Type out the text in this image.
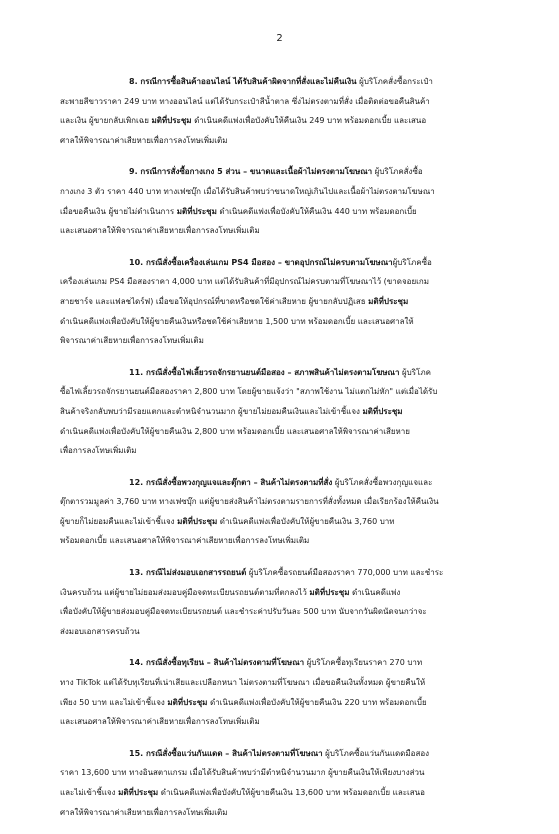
2
8. กรณีการซื้อสินค้าออนไลน์ ได้รับสินค้าผิดจากที่สั่งและไม่คืนเงิน ผู้บริโภคสั่งซื้อกระเป๋า
สะพายสีขาวราคา 249 บาท ทางออนไลน์ แต่ได้รับกระเป๋าสีน้ำตาล ซึ่งไม่ตรงตามที่สั่ง เมื่อติดต่อขอคืนสินค้า
และเงิน ผู้ขายกลับเพิกเฉย มติที่ประชุม ดำเนินคดีแพ่งเพื่อบังคับให้คืนเงิน 249 บาท พร้อมดอกเบี้ย และเสนอ
ศาลให้พิจารณาค่าเสียหายเพื่อการลงโทษเพิ่มเติม
9. กรณีการสั่งซื้อกางเกง 5 ส่วน – ขนาดและเนื้อผ้าไม่ตรงตามโฆษณา ผู้บริโภคสั่งซื้อ
กางเกง 3 ตัว ราคา 440 บาท ทางเฟซบุ๊ก เมื่อได้รับสินค้าพบว่าขนาดใหญ่เกินไปและเนื้อผ้าไม่ตรงตามโฆษณา
เมื่อขอคืนเงิน ผู้ขายไม่ดำเนินการ มติที่ประชุม ดำเนินคดีแพ่งเพื่อบังคับให้คืนเงิน 440 บาท พร้อมดอกเบี้ย
และเสนอศาลให้พิจารณาค่าเสียหายเพื่อการลงโทษเพิ่มเติม
10. กรณีสั่งซื้อเครื่องเล่นเกม PS4 มือสอง – ขาดอุปกรณ์ไม่ครบตามโฆษณาผู้บริโภคซื้อ
เครื่องเล่นเกม PS4 มือสองราคา 4,000 บาท แต่ได้รับสินค้าที่มีอุปกรณ์ไม่ครบตามที่โฆษณาไว้ (ขาดจอยเกม
สายชาร์จ และแฟลชไดร์ฟ) เมื่อขอให้อุปกรณ์ที่ขาดหรือชดใช้ค่าเสียหาย ผู้ขายกลับปฏิเสธ มติที่ประชุม
ดำเนินคดีแพ่งเพื่อบังคับให้ผู้ขายคืนเงินหรือชดใช้ค่าเสียหาย 1,500 บาท พร้อมดอกเบี้ย และเสนอศาลให้
พิจารณาค่าเสียหายเพื่อการลงโทษเพิ่มเติม
11. กรณีสั่งซื้อไฟเลี้ยวรถจักรยานยนต์มือสอง – สภาพสินค้าไม่ตรงตามโฆษณา ผู้บริโภค
ซื้อไฟเลี้ยวรถจักรยานยนต์มือสองราคา 2,800 บาท โดยผู้ขายแจ้งว่า "สภาพใช้งาน ไม่แตกไม่หัก" แต่เมื่อได้รับ
สินค้าจริงกลับพบว่ามีรอยแตกและตำหนิจำนวนมาก ผู้ขายไม่ยอมคืนเงินและไม่เข้าชี้แจง มติที่ประชุม
ดำเนินคดีแพ่งเพื่อบังคับให้ผู้ขายคืนเงิน 2,800 บาท พร้อมดอกเบี้ย และเสนอศาลให้พิจารณาค่าเสียหาย
เพื่อการลงโทษเพิ่มเติม
12. กรณีสั่งซื้อพวงกุญแจและตุ๊กตา – สินค้าไม่ตรงตามที่สั่ง ผู้บริโภคสั่งซื้อพวงกุญแจและ
ตุ๊กตารวมมูลค่า 3,760 บาท ทางเฟซบุ๊ก แต่ผู้ขายส่งสินค้าไม่ตรงตามรายการที่สั่งทั้งหมด เมื่อเรียกร้องให้คืนเงิน
ผู้ขายก็ไม่ยอมคืนและไม่เข้าชี้แจง มติที่ประชุม ดำเนินคดีแพ่งเพื่อบังคับให้ผู้ขายคืนเงิน 3,760 บาท
พร้อมดอกเบี้ย และเสนอศาลให้พิจารณาค่าเสียหายเพื่อการลงโทษเพิ่มเติม
13. กรณีไม่ส่งมอบเอกสารรถยนต์ ผู้บริโภคซื้อรถยนต์มือสองราคา 770,000 บาท และชำระ
เงินครบถ้วน แต่ผู้ขายไม่ยอมส่งมอบคู่มือจดทะเบียนรถยนต์ตามที่ตกลงไว้ มติที่ประชุม ดำเนินคดีแพ่ง
เพื่อบังคับให้ผู้ขายส่งมอบคู่มือจดทะเบียนรถยนต์ และชำระค่าปรับวันละ 500 บาท นับจากวันผิดนัดจนกว่าจะ
ส่งมอบเอกสารครบถ้วน
14. กรณีสั่งซื้อทุเรียน – สินค้าไม่ตรงตามที่โฆษณา ผู้บริโภคซื้อทุเรียนราคา 270 บาท
ทาง TikTok แต่ได้รับทุเรียนที่เน่าเสียและเปลือกหนา ไม่ตรงตามที่โฆษณา เมื่อขอคืนเงินทั้งหมด ผู้ขายคืนให้
เพียง 50 บาท และไม่เข้าชี้แจง มติที่ประชุม ดำเนินคดีแพ่งเพื่อบังคับให้ผู้ขายคืนเงิน 220 บาท พร้อมดอกเบี้ย
และเสนอศาลให้พิจารณาค่าเสียหายเพื่อการลงโทษเพิ่มเติม
15. กรณีสั่งซื้อแว่นกันแดด – สินค้าไม่ตรงตามที่โฆษณา ผู้บริโภคซื้อแว่นกันแดดมือสอง
ราคา 13,600 บาท ทางอินสตาแกรม เมื่อได้รับสินค้าพบว่ามีตำหนิจำนวนมาก ผู้ขายคืนเงินให้เพียงบางส่วน
และไม่เข้าชี้แจง มติที่ประชุม ดำเนินคดีแพ่งเพื่อบังคับให้ผู้ขายคืนเงิน 13,600 บาท พร้อมดอกเบี้ย และเสนอ
ศาลให้พิจารณาค่าเสียหายเพื่อการลงโทษเพิ่มเติม
